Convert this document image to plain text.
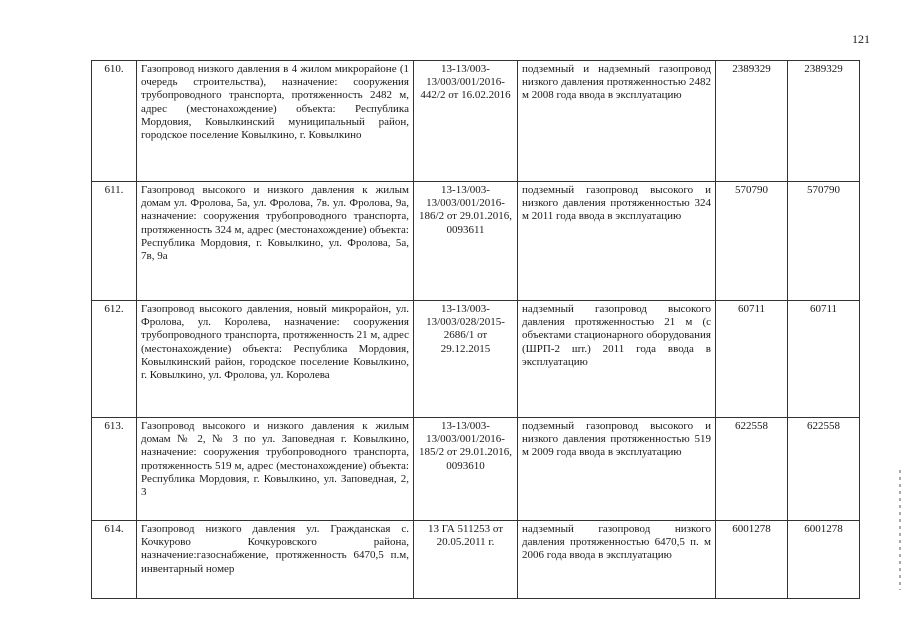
121
610.	Газопровод низкого давления в 4 жилом микрорайоне (1 очередь строительства), назначение: сооружения трубопроводного транспорта, протяженность 2482 м, адрес (местонахождение) объекта: Республика Мордовия, Ковылкинский муниципальный район, городское поселение Ковылкино, г. Ковылкино	13-13/003-13/003/001/2016-442/2 от 16.02.2016	подземный и надземный газопровод низкого давления протяженностью 2482 м 2008 года ввода в эксплуатацию	2389329	2389329
611.	Газопровод высокого и низкого давления к жилым домам ул. Фролова, 5а, ул. Фролова, 7в. ул. Фролова, 9а, назначение: сооружения трубопроводного транспорта, протяженность 324 м, адрес (местонахождение) объекта: Республика Мордовия, г. Ковылкино, ул. Фролова, 5а, 7в, 9а	13-13/003-13/003/001/2016-186/2 от 29.01.2016, 0093611	подземный газопровод высокого и низкого давления протяженностью 324 м 2011 года ввода в эксплуатацию	570790	570790
612.	Газопровод высокого давления, новый микрорайон, ул. Фролова, ул. Королева, назначение: сооружения трубопроводного транспорта, протяженность 21 м, адрес (местонахождение) объекта: Республика Мордовия, Ковылкинский район, городское поселение Ковылкино, г. Ковылкино, ул. Фролова, ул. Королева	13-13/003-13/003/028/2015-2686/1 от 29.12.2015	надземный газопровод высокого давления протяженностью 21 м (с объектами стационарного оборудования (ШРП-2 шт.) 2011 года ввода в эксплуатацию	60711	60711
613.	Газопровод высокого и низкого давления к жилым домам № 2, № 3 по ул. Заповедная г. Ковылкино, назначение: сооружения трубопроводного транспорта, протяженность 519 м, адрес (местонахождение) объекта: Республика Мордовия, г. Ковылкино, ул. Заповедная, 2, 3	13-13/003-13/003/001/2016-185/2 от 29.01.2016, 0093610	подземный газопровод высокого и низкого давления протяженностью 519 м 2009 года ввода в эксплуатацию	622558	622558
614.	Газопровод низкого давления ул. Гражданская с. Кочкурово Кочкуровского района, назначение:газоснабжение, протяженность 6470,5 п.м, инвентарный номер	13 ГА 511253 от 20.05.2011 г.	надземный газопровод низкого давления протяженностью 6470,5 п. м 2006 года ввода в эксплуатацию	6001278	6001278
